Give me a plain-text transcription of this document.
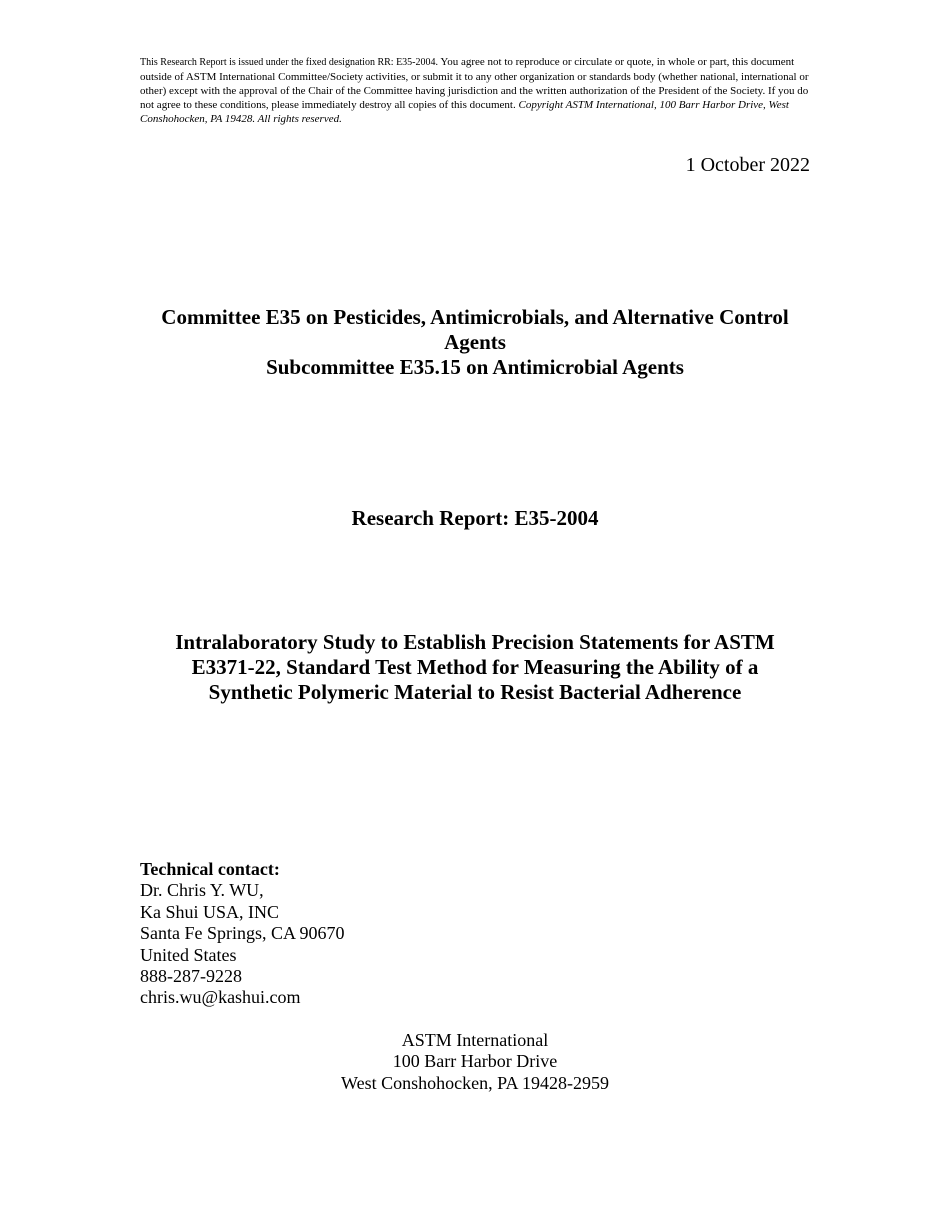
This Research Report is issued under the fixed designation RR: E35-2004. You agree not to reproduce or circulate or quote, in whole or part, this document outside of ASTM International Committee/Society activities, or submit it to any other organization or standards body (whether national, international or other) except with the approval of the Chair of the Committee having jurisdiction and the written authorization of the President of the Society. If you do not agree to these conditions, please immediately destroy all copies of this document. Copyright ASTM International, 100 Barr Harbor Drive, West Conshohocken, PA 19428. All rights reserved.
1 October 2022
Committee E35 on Pesticides, Antimicrobials, and Alternative Control
Agents
Subcommittee E35.15 on Antimicrobial Agents
Research Report: E35-2004
Intralaboratory Study to Establish Precision Statements for ASTM
E3371-22, Standard Test Method for Measuring the Ability of a
Synthetic Polymeric Material to Resist Bacterial Adherence
Technical contact:
Dr. Chris Y. WU,
Ka Shui USA, INC
Santa Fe Springs, CA 90670
United States
888-287-9228
chris.wu@kashui.com
ASTM International
100 Barr Harbor Drive
West Conshohocken, PA 19428-2959
